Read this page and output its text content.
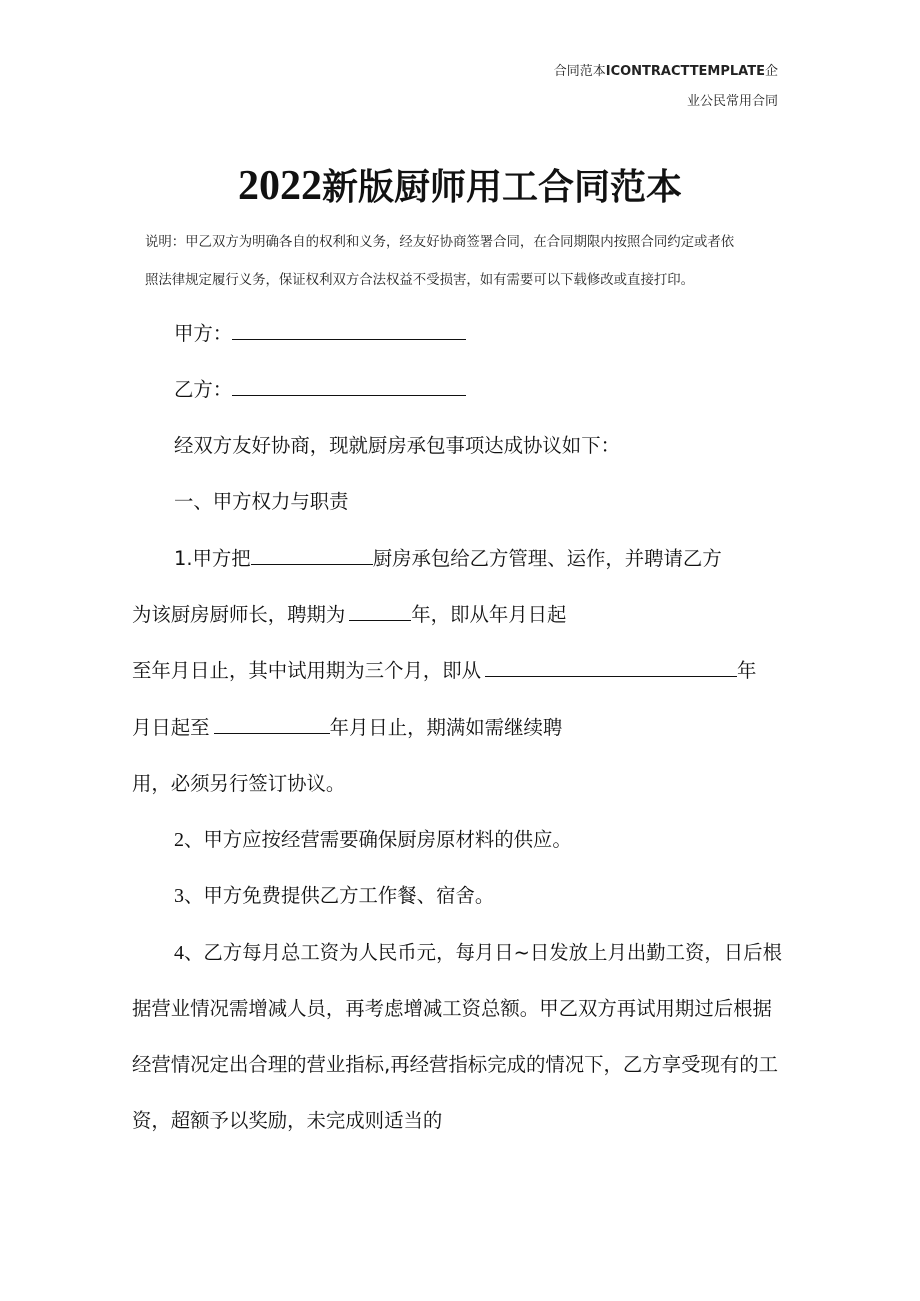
合同范本ICONTRACTTEMPLATE企
业公民常用合同
2022新版厨师用工合同范本
说明：甲乙双方为明确各自的权利和义务，经友好协商签署合同，在合同期限内按照合同约定或者依
照法律规定履行义务，保证权利双方合法权益不受损害，如有需要可以下载修改或直接打印。
甲方：
乙方：
经双方友好协商，现就厨房承包事项达成协议如下：
一、甲方权力与职责
1.甲方把	厨房承包给乙方管理、运作，并聘请乙方
为该厨房厨师长，聘期为	年，即从年月日起
至年月日止，其中试用期为三个月，即从	年
月日起至	年月日止，期满如需继续聘
用，必须另行签订协议。
2、甲方应按经营需要确保厨房原材料的供应。
3、甲方免费提供乙方工作餐、宿舍。
4、乙方每月总工资为人民币元，每月日~日发放上月出勤工资，日后根
据营业情况需增减人员，再考虑增减工资总额。甲乙双方再试用期过后根据
经营情况定出合理的营业指标,再经营指标完成的情况下，乙方享受现有的工
资，超额予以奖励，未完成则适当的
